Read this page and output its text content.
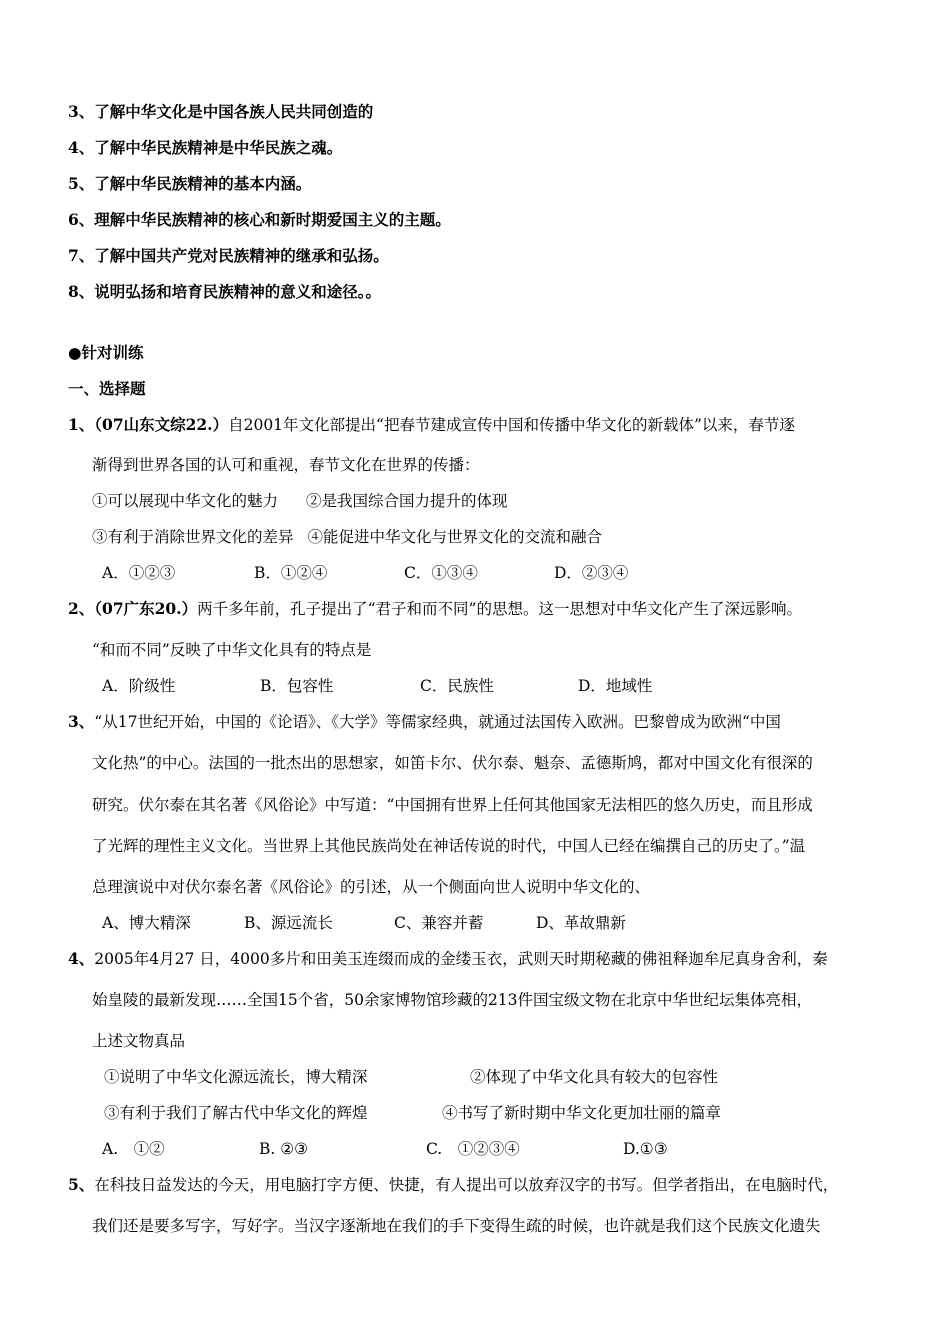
3、了解中华文化是中国各族人民共同创造的
4、了解中华民族精神是中华民族之魂。
5、了解中华民族精神的基本内涵。
6、理解中华民族精神的核心和新时期爱国主义的主题。
7、了解中国共产党对民族精神的继承和弘扬。
8、说明弘扬和培育民族精神的意义和途径。。
●针对训练
一、选择题
1、（07山东文综22.）自2001年文化部提出“把春节建成宣传中国和传播中华文化的新载体”以来，春节逐
渐得到世界各国的认可和重视，春节文化在世界的传播：
①可以展现中华文化的魅力 ②是我国综合国力提升的体现
③有利于消除世界文化的差异 ④能促进中华文化与世界文化的交流和融合
A．①②③	B．①②④	C．①③④	D．②③④
2、（07广东20.）两千多年前，孔子提出了“君子和而不同”的思想。这一思想对中华文化产生了深远影响。
“和而不同”反映了中华文化具有的特点是
A．阶级性	B．包容性	C．民族性	D．地域性
3、“从17世纪开始，中国的《论语》、《大学》等儒家经典，就通过法国传入欧洲。巴黎曾成为欧洲“中国
文化热”的中心。法国的一批杰出的思想家，如笛卡尔、伏尔泰、魁奈、孟德斯鸠，都对中国文化有很深的
研究。伏尔泰在其名著《风俗论》中写道：“中国拥有世界上任何其他国家无法相匹的悠久历史，而且形成
了光辉的理性主义文化。当世界上其他民族尚处在神话传说的时代，中国人已经在编撰自己的历史了。”温
总理演说中对伏尔泰名著《风俗论》的引述，从一个侧面向世人说明中华文化的、
A、博大精深	B、源远流长	C、兼容并蓄	D、革故鼎新
4、2005年4月27 日，4000多片和田美玉连缀而成的金缕玉衣，武则天时期秘藏的佛祖释迦牟尼真身舍利，秦
始皇陵的最新发现……全国15个省，50余家博物馆珍藏的213件国宝级文物在北京中华世纪坛集体亮相，
上述文物真品
①说明了中华文化源远流长，博大精深	②体现了中华文化具有较大的包容性
③有利于我们了解古代中华文化的辉煌	④书写了新时期中华文化更加壮丽的篇章
A.　①②	B. ②③	C.　①②③④	D.①③
5、在科技日益发达的今天，用电脑打字方便、快捷，有人提出可以放弃汉字的书写。但学者指出，在电脑时代，
我们还是要多写字，写好字。当汉字逐渐地在我们的手下变得生疏的时候，也许就是我们这个民族文化遗失
